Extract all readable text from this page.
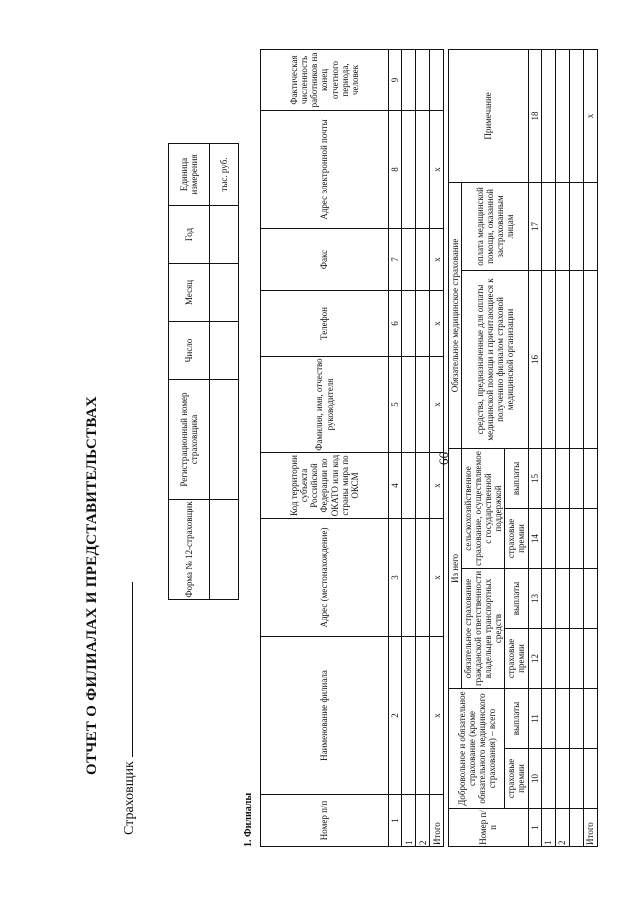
66
ОТЧЕТ О ФИЛИАЛАХ И ПРЕДСТАВИТЕЛЬСТВАХ
Страховщик
Форма № 12-страховщик	Регистрационный номер страховщика	Число	Месяц	Год	Единица измерения
					тыс. руб.
1. Филиалы	Номер п/п	Наименование филиала	Адрес (местонахождение)	Код территории субъекта Российской Федерации по ОКАТО или код страны мира по ОКСМ	Фамилия, имя, отчество руководителя	Телефон	Факс	Адрес электронной почты	Фактическая численность работников на конец отчетного периода, человек
1	2	3	4	5	6	7	8	9
1								
2								
Итого	х	х	х	х	х	х	х	
Номер п/п	Добровольное и обязательное страхование (кроме обязательного медицинского страхования) – всего		Из него				Обязательное медицинское страхование		Примечание
			обязательное страхование гражданской ответственности владельцев транспортных средств		сельскохозяйственное страхование, осуществляемое с государственной поддержкой		средства, предназначенные для оплаты медицинской помощи и причитающиеся к получению филиалом страховой медицинской организации	оплата медицинской помощи, оказанной застрахованным лицам	
	страховые премии	выплаты	страховые премии	выплаты	страховые премии	выплаты			
1	10	11	12	13	14	15	16	17	18
1									
2									

Итого									х
